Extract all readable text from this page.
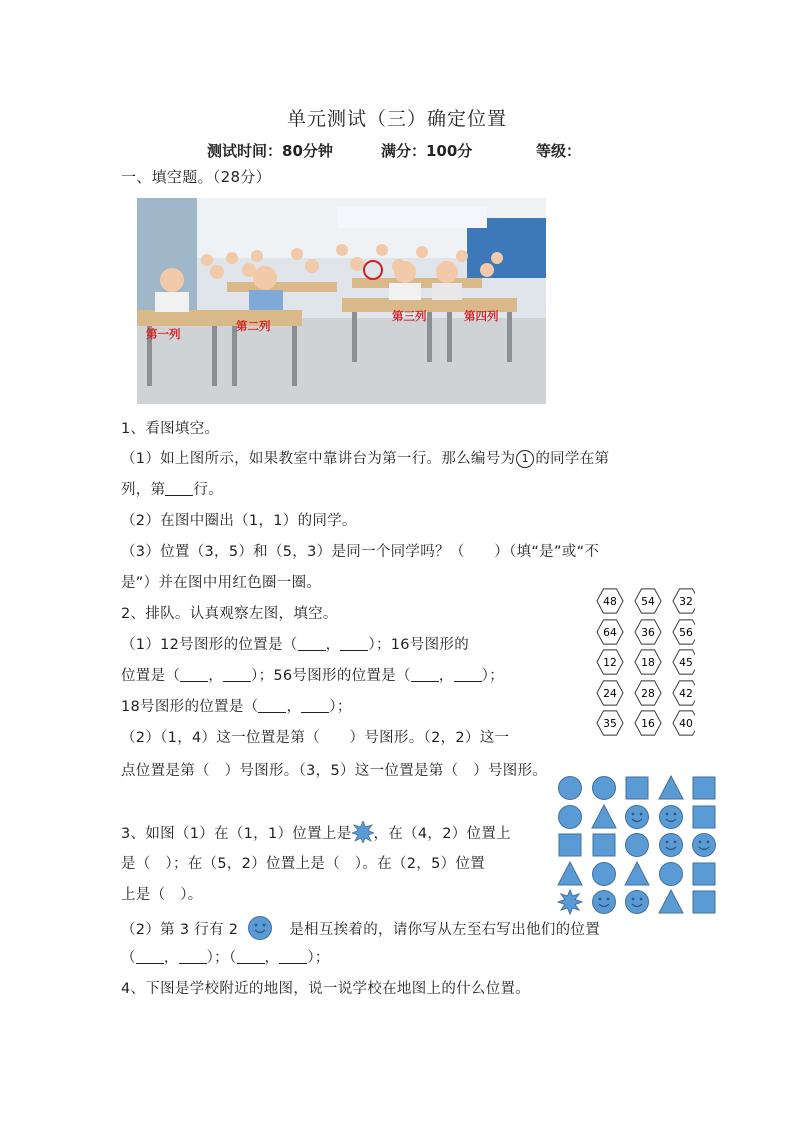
单元测试（三）确定位置
测试时间：80分钟	满分：100分	等级：
一、填空题。（28分）
第一列
第二列
第三列	第四列
1、看图填空。
（1）如上图所示，如果教室中靠讲台为第一行。那么编号为 1 的同学在第
列，第 行。
（2）在图中圈出（1，1）的同学。
（3）位置（3，5）和（5，3）是同一个同学吗？（　　）（填“是”或“不
是”）并在图中用红色圈一圈。
2、排队。认真观察左图，填空。
（1）12号图形的位置是（ ， ）；16号图形的
位置是（ ， ）；56号图形的位置是（ ， ）；
18号图形的位置是（ ， ）；
（2）（1，4）这一位置是第（　　）号图形。（2，2）这一
点位置是第（　）号图形。（3，5）这一位置是第（　）号图形。
48 54 32
64 36 56
12 18 45
24 28 42
35 16 40
3、如图（1）在（1，1）位置上是 ，在（4，2）位置上
是（　）；在（5，2）位置上是（　）。在（2，5）位置
上是（　）。
（2）第 3 行有 2	是相互挨着的，请你写从左至右写出他们的位置
（ ， ）；（ ， ）；
4、下图是学校附近的地图，说一说学校在地图上的什么位置。
